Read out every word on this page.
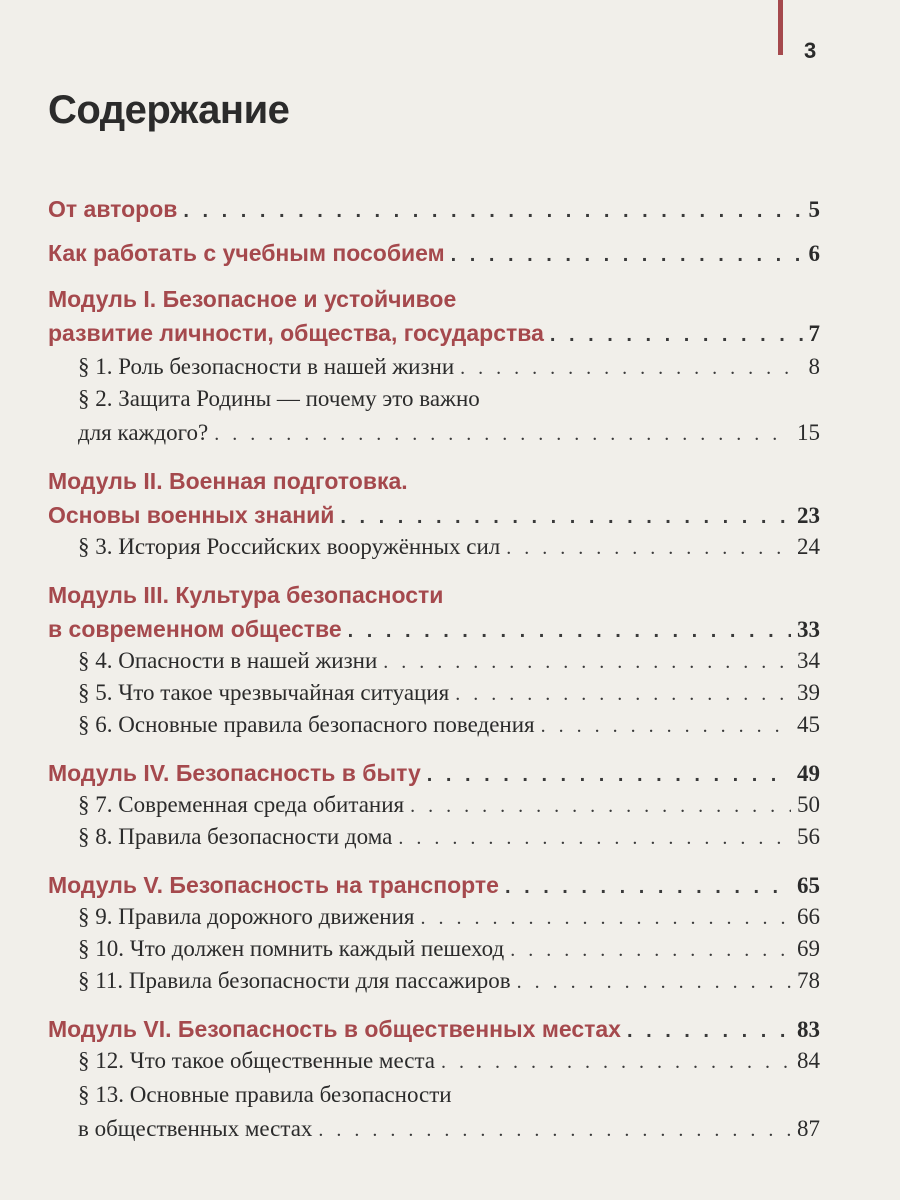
3
Содержание
От авторов . . .	5
Как работать с учебным пособием . . .	6
Модуль I. Безопасное и устойчивое
развитие личности, общества, государства . . .	7
§ 1. Роль безопасности в нашей жизни . . .	8
§ 2. Защита Родины — почему это важно
для каждого? . . .	15
Модуль II. Военная подготовка.
Основы военных знаний . . .	23
§ 3. История Российских вооружённых сил . . .	24
Модуль III. Культура безопасности
в современном обществе . . .	33
§ 4. Опасности в нашей жизни . . .	34
§ 5. Что такое чрезвычайная ситуация . . .	39
§ 6. Основные правила безопасного поведения . . .	45
Модуль IV. Безопасность в быту . . .	49
§ 7. Современная среда обитания . . .	50
§ 8. Правила безопасности дома . . .	56
Модуль V. Безопасность на транспорте . . .	65
§ 9. Правила дорожного движения . . .	66
§ 10. Что должен помнить каждый пешеход . . .	69
§ 11. Правила безопасности для пассажиров . . .	78
Модуль VI. Безопасность в общественных местах . . .	83
§ 12. Что такое общественные места . . .	84
§ 13. Основные правила безопасности
в общественных местах . . .	87
